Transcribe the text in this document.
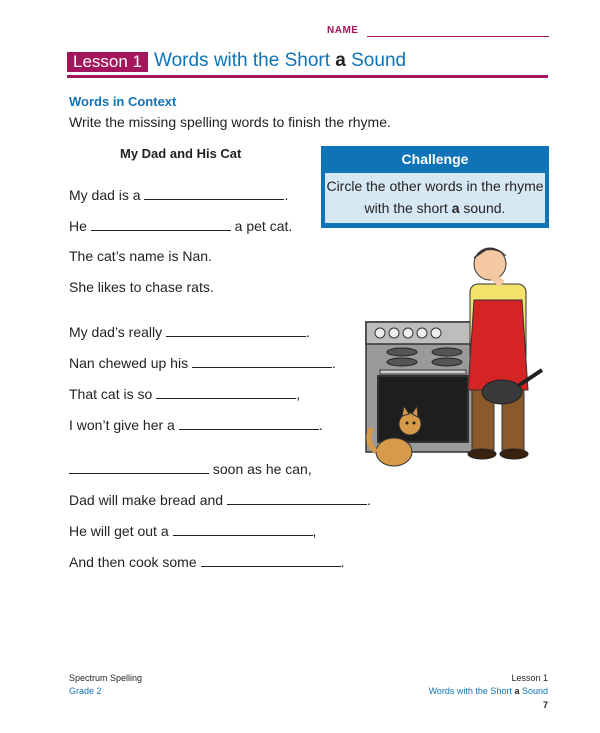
NAME
Lesson 1 Words with the Short a Sound
Words in Context
Write the missing spelling words to finish the rhyme.
My Dad and His Cat
My dad is a	.
He	a pet cat.
The cat’s name is Nan.
She likes to chase rats.
My dad’s really	.
Nan chewed up his	.
That cat is so	,
I won’t give her a	.
soon as he can,
Dad will make bread and	.
He will get out a	,
And then cook some	.
Challenge
Circle the other words in the rhyme with the short a sound.
Spectrum Spelling
Grade 2
Lesson 1
Words with the Short a Sound
7
